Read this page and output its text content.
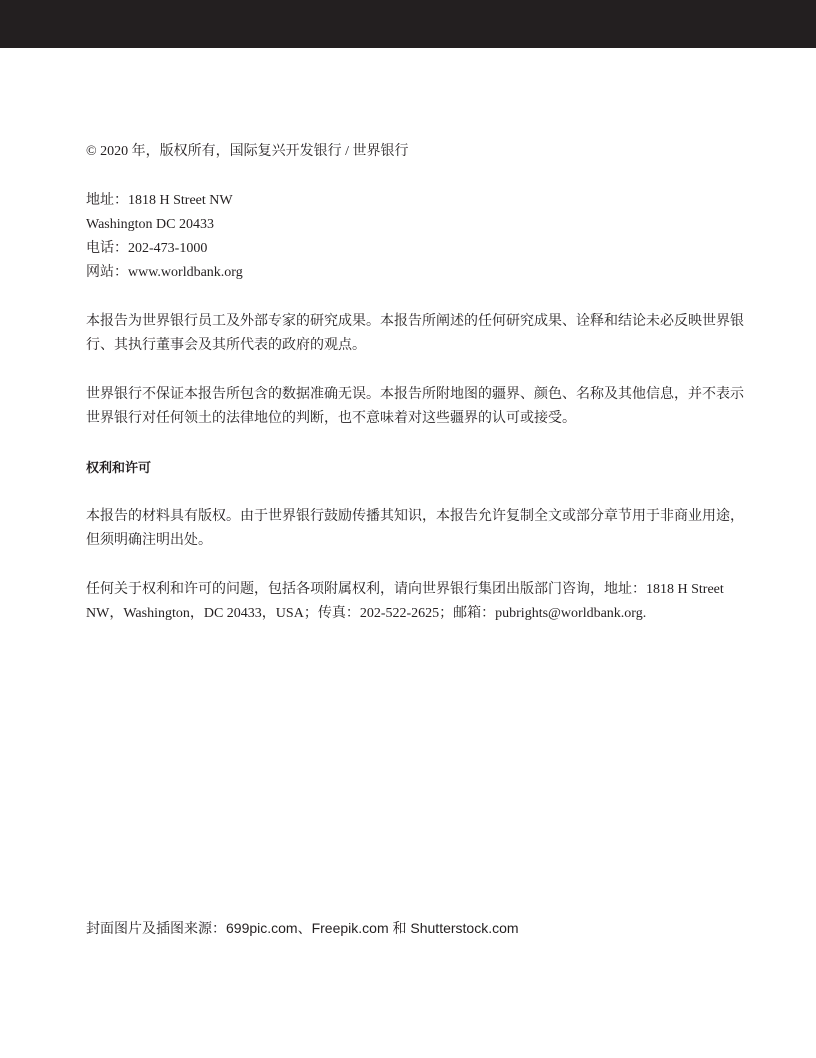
© 2020 年，版权所有，国际复兴开发银行 / 世界银行

地址：1818 H Street NW
Washington DC 20433
电话：202-473-1000
网站：www.worldbank.org

本报告为世界银行员工及外部专家的研究成果。本报告所阐述的任何研究成果、诠释和结论未必反映世界银行、其执行董事会及其所代表的政府的观点。

世界银行不保证本报告所包含的数据准确无误。本报告所附地图的疆界、颜色、名称及其他信息，并不表示世界银行对任何领土的法律地位的判断，也不意味着对这些疆界的认可或接受。

权利和许可

本报告的材料具有版权。由于世界银行鼓励传播其知识，本报告允许复制全文或部分章节用于非商业用途，但须明确注明出处。

任何关于权利和许可的问题，包括各项附属权利，请向世界银行集团出版部门咨询，地址：1818 H Street NW，Washington，DC 20433，USA；传真：202-522-2625；邮箱：pubrights@worldbank.org.

封面图片及插图来源：699pic.com、Freepik.com 和 Shutterstock.com
